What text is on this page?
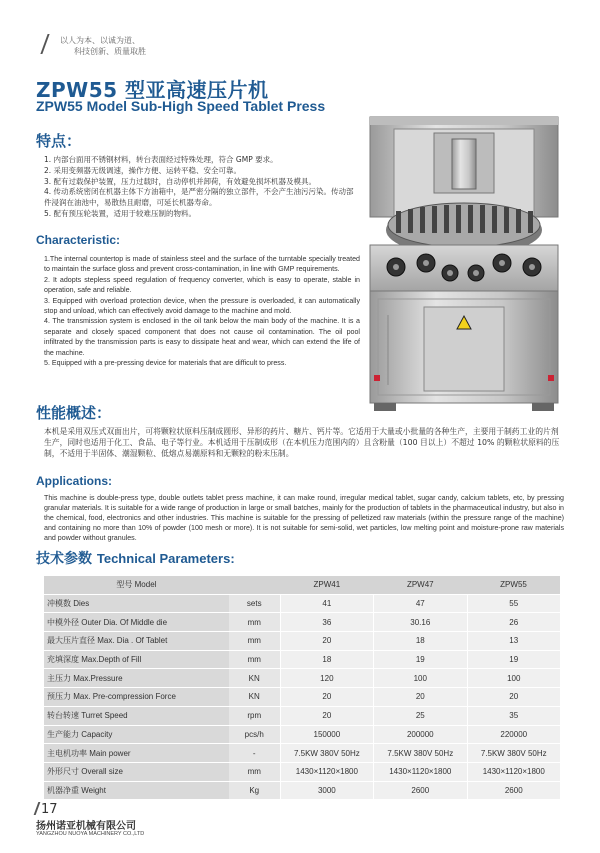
以人为本、以诚为道、
科技创新、质量取胜
ZPW55 型亚高速压片机
ZPW55 Model Sub-High Speed Tablet Press
特点：
1. 内部台面用不锈钢材料，转台表面经过特殊处理，符合 GMP 要求。
2. 采用变频器无级调速，操作方便、运转平稳、安全可靠。
3. 配有过载保护装置，压力过载时，自动停机并卸荷，有效避免损坏机器及模具。
4. 传动系统密闭在机器主体下方油箱中，是严密分隔的独立部件，不会产生油污污染。传动部件浸润在油池中，易散热且耐磨，可延长机器寿命。
5. 配有预压轮装置，适用于较难压制的物料。
Characteristic:
1.The internal countertop is made of stainless steel and the surface of the turntable specially treated to maintain the surface gloss and prevent cross-contamination, in line with GMP requirements.
2. It adopts stepless speed regulation of frequency converter, which is easy to operate, stable in operation, safe and reliable.
3. Equipped with overload protection device, when the pressure is overloaded, it can automatically stop and unload, which can effectively avoid damage to the machine and mold.
4. The transmission system is enclosed in the oil tank below the main body of the machine. It is a separate and closely spaced component that does not cause oil contamination. The oil pool infiltrated by the transmission parts is easy to dissipate heat and wear, which can extend the life of the machine.
5. Equipped with a pre-pressing device for materials that are difficult to press.
性能概述：
本机是采用双压式双面出片，可将颗粒状原料压制成圆形、异形的药片、糖片、钙片等。它适用于大量或小批量的各种生产，主要用于制药工业的片剂生产，同时也适用于化工、食品、电子等行业。本机适用于压制成形（在本机压力范围内的）且含粉量（100 目以上）不超过 10% 的颗粒状原料的压制，不适用于半固体、潮湿颗粒、低熔点易潮原料和无颗粒的粉末压制。
Applications:
This machine is double-press type, double outlets tablet press machine, it can make round, irregular medical tablet, sugar candy, calcium tablets, etc, by pressing granular materials. It is suitable for a wide range of production in large or small batches, mainly for the production of tablets in the pharmaceutical industry, but also in the chemical, food, electronics and other industries. This machine is suitable for the pressing of pelletized raw materials (within the pressure range of the machine) and containing no more than 10% of powder (100 mesh or more). It is not suitable for semi-solid, wet particles, low melting point and moisture-prone raw materials and powder without granules.
技术参数 Technical Parameters:
型号 Model		ZPW41	ZPW47	ZPW55
冲模数 Dies	sets	41	47	55
中模外径 Outer Dia. Of Middle die	mm	36	30.16	26
最大压片直径 Max. Dia . Of Tablet	mm	20	18	13
充填深度 Max.Depth of Fill	mm	18	19	19
主压力 Max.Pressure	KN	120	100	100
预压力 Max. Pre-compression Force	KN	20	20	20
转台转速 Turret Speed	rpm	20	25	35
生产能力 Capacity	pcs/h	150000	200000	220000
主电机功率 Main power	-	7.5KW 380V 50Hz	7.5KW 380V 50Hz	7.5KW 380V 50Hz
外形尺寸 Overall size	mm	1430×1120×1800	1430×1120×1800	1430×1120×1800
机器净重 Weight	Kg	3000	2600	2600
17
扬州诺亚机械有限公司
YANGZHOU NUOYA MACHINERY CO.,LTD
